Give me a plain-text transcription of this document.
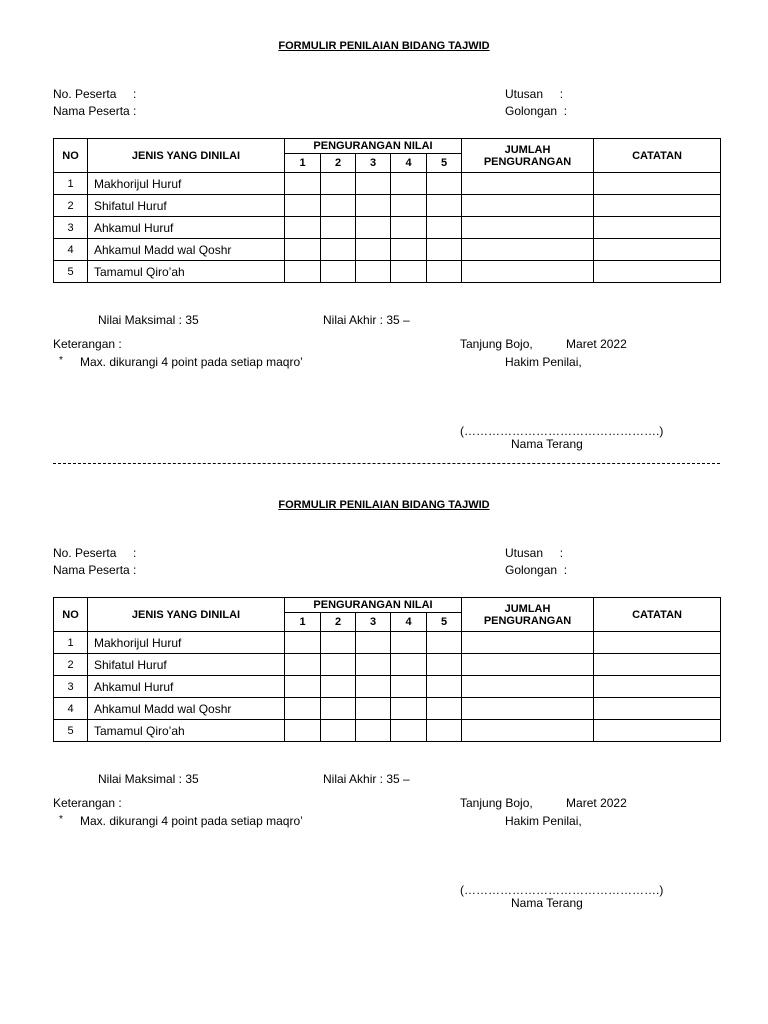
FORMULIR PENILAIAN BIDANG TAJWID
No. Peserta     :
Nama Peserta :
Utusan     :
Golongan  :
NO	JENIS YANG DINILAI	PENGURANGAN NILAI					JUMLAH PENGURANGAN	CATATAN
		1	2	3	4	5		
1	Makhorijul Huruf							
2	Shifatul Huruf							
3	Ahkamul Huruf							
4	Ahkamul Madd wal Qoshr							
5	Tamamul Qiro’ah							
Nilai Maksimal : 35	Nilai Akhir : 35 –
Keterangan :
* Max. dikurangi 4 point pada setiap maqro’
Tanjung Bojo,          Maret 2022
Hakim Penilai,
(………………………………………….)
Nama Terang
FORMULIR PENILAIAN BIDANG TAJWID
No. Peserta     :
Nama Peserta :
Utusan     :
Golongan  :
NO	JENIS YANG DINILAI	PENGURANGAN NILAI					JUMLAH PENGURANGAN	CATATAN
		1	2	3	4	5		
1	Makhorijul Huruf							
2	Shifatul Huruf							
3	Ahkamul Huruf							
4	Ahkamul Madd wal Qoshr							
5	Tamamul Qiro’ah							
Nilai Maksimal : 35	Nilai Akhir : 35 –
Keterangan :
* Max. dikurangi 4 point pada setiap maqro’
Tanjung Bojo,          Maret 2022
Hakim Penilai,
(………………………………………….)
Nama Terang
